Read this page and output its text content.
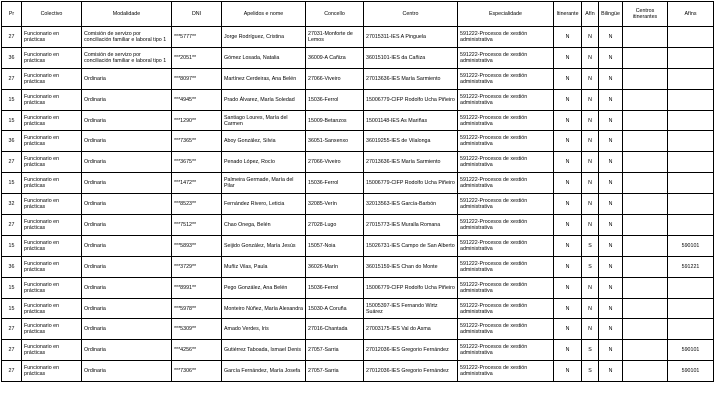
Pr	Colectivo	Modalidade	DNI	Apelidos e nome	Concello	Centro	Especialidade	Itinerante	Afín	Bilingüe	Centros itinerantes	Afíns
27	Funcionario en prácticas	Comisión de servizo por conciliación familiar e laboral tipo 1	***5777**	Jorge Rodríguez, Cristina	27031-Monforte de Lemos	27015311-IES A Pinguela	591222-Procesos de xestión administrativa	N	N	N		
36	Funcionario en prácticas	Comisión de servizo por conciliación familiar e laboral tipo 1	***2051**	Gómez Losada, Natalia	36009-A Cañiza	36015101-IES da Cañiza	591222-Procesos de xestión administrativa	N	N	N		
27	Funcionario en prácticas	Ordinaria	***8097**	Martínez Cerdeiras, Ana Belén	27066-Viveiro	27013636-IES María Sarmiento	591222-Procesos de xestión administrativa	N	N	N		
15	Funcionario en prácticas	Ordinaria	***4945**	Prado Álvarez, María Soledad	15036-Ferrol	15006779-CIFP Rodolfo Ucha Piñeiro	591222-Procesos de xestión administrativa	N	N	N		
15	Funcionario en prácticas	Ordinaria	***1290**	Santiago Loures, María del Carmen	15009-Betanzos	15001148-IES As Mariñas	591222-Procesos de xestión administrativa	N	N	N		
36	Funcionario en prácticas	Ordinaria	***7365**	Aboy González, Silvia	36051-Sanxenxo	36019255-IES de Vilalonga	591222-Procesos de xestión administrativa	N	N	N		
27	Funcionario en prácticas	Ordinaria	***3675**	Penado López, Rocío	27066-Viveiro	27013636-IES María Sarmiento	591222-Procesos de xestión administrativa	N	N	N		
15	Funcionario en prácticas	Ordinaria	***1472**	Palmeira Germade, María del Pilar	15036-Ferrol	15006779-CIFP Rodolfo Ucha Piñeiro	591222-Procesos de xestión administrativa	N	N	N		
32	Funcionario en prácticas	Ordinaria	***8523**	Fernández Rivero, Leticia	32085-Verín	32013563-IES García-Barbón	591222-Procesos de xestión administrativa	N	N	N		
27	Funcionario en prácticas	Ordinaria	***7512**	Chao Onega, Belén	27028-Lugo	27015773-IES Muralla Romana	591222-Procesos de xestión administrativa	N	N	N		
15	Funcionario en prácticas	Ordinaria	***5893**	Seijido González, María Jesús	15057-Noia	15026731-IES Campo de San Alberto	591222-Procesos de xestión administrativa	N	S	N		590101
36	Funcionario en prácticas	Ordinaria	***3729**	Muñiz Vilas, Paula	36026-Marín	36015159-IES Chan do Monte	591222-Procesos de xestión administrativa	N	S	N		591221
15	Funcionario en prácticas	Ordinaria	***8991**	Pego González, Ana Belén	15036-Ferrol	15006779-CIFP Rodolfo Ucha Piñeiro	591222-Procesos de xestión administrativa	N	N	N		
15	Funcionario en prácticas	Ordinaria	***5978**	Monteiro Núñez, María Alexandra	15030-A Coruña	15005397-IES Fernando Wirtz Suárez	591222-Procesos de xestión administrativa	N	N	N		
27	Funcionario en prácticas	Ordinaria	***5309**	Amado Verdes, Iris	27016-Chantada	27003175-IES Val do Asma	591222-Procesos de xestión administrativa	N	N	N		
27	Funcionario en prácticas	Ordinaria	***4256**	Gutiérrez Taboada, Ismael Denis	27057-Sarria	27012036-IES Gregorio Fernández	591222-Procesos de xestión administrativa	N	S	N		590101
27	Funcionario en prácticas	Ordinaria	***7306**	García Fernández, María Josefa	27057-Sarria	27012036-IES Gregorio Fernández	591222-Procesos de xestión administrativa	N	S	N		590101
